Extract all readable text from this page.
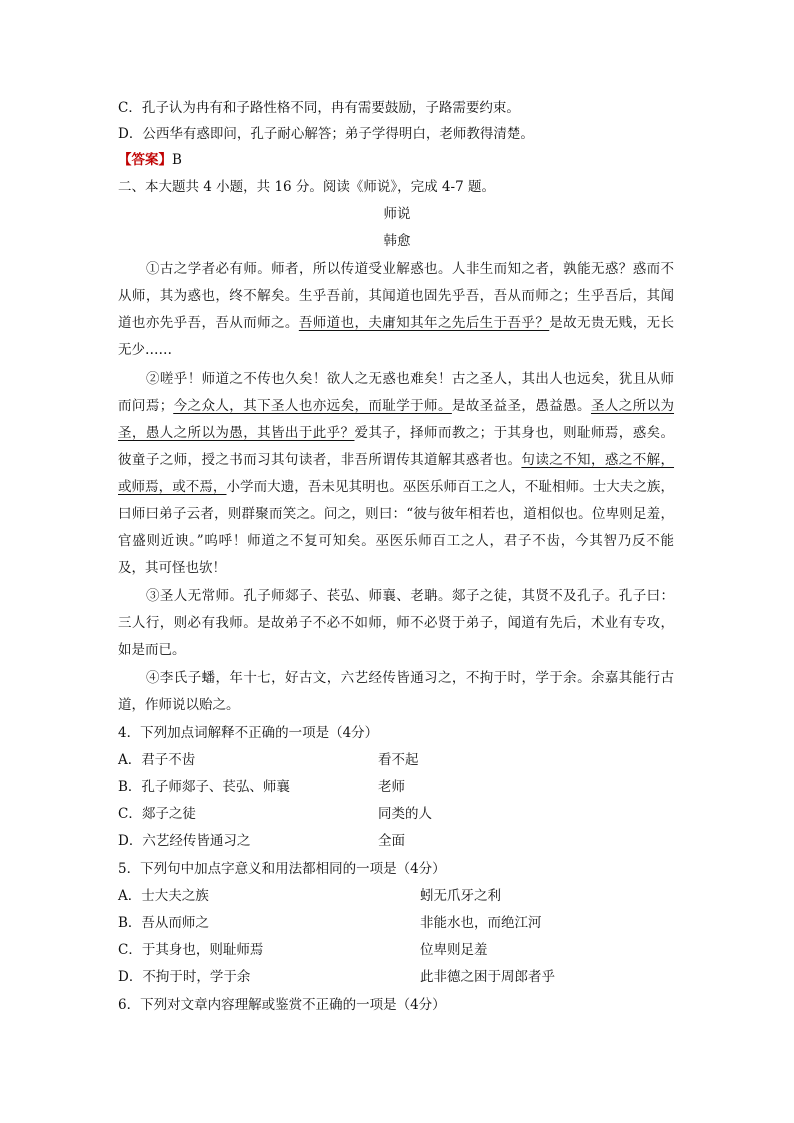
C．孔子认为冉有和子路性格不同，冉有需要鼓励，子路需要约束。
D．公西华有惑即问，孔子耐心解答；弟子学得明白，老师教得清楚。
【答案】B
二、本大题共 4 小题，共 16 分。阅读《师说》，完成 4-7 题。
师说
韩愈
①古之学者必有师。师者，所以传道受业解惑也。人非生而知之者，孰能无惑？惑而不
从师，其为惑也，终不解矣。生乎吾前，其闻道也固先乎吾，吾从而师之；生乎吾后，其闻
道也亦先乎吾，吾从而师之。吾师道也，夫庸知其年之先后生于吾乎？是故无贵无贱，无长
无少……
②嗟乎！师道之不传也久矣！欲人之无惑也难矣！古之圣人，其出人也远矣，犹且从师
而问焉；今之众人，其下圣人也亦远矣，而耻学于师。是故圣益圣，愚益愚。圣人之所以为
圣，愚人之所以为愚，其皆出于此乎？爱其子，择师而教之；于其身也，则耻师焉，惑矣。
彼童子之师，授之书而习其句读者，非吾所谓传其道解其惑者也。句读之不知，惑之不解，
或师焉，或不焉，小学而大遗，吾未见其明也。巫医乐师百工之人，不耻相师。士大夫之族，
曰师曰弟子云者，则群聚而笑之。问之，则曰：“彼与彼年相若也，道相似也。位卑则足羞，
官盛则近谀。”呜呼！师道之不复可知矣。巫医乐师百工之人，君子不齿，今其智乃反不能
及，其可怪也欤！
③圣人无常师。孔子师郯子、苌弘、师襄、老聃。郯子之徒，其贤不及孔子。孔子曰：
三人行，则必有我师。是故弟子不必不如师，师不必贤于弟子，闻道有先后，术业有专攻，
如是而已。
④李氏子蟠，年十七，好古文，六艺经传皆通习之，不拘于时，学于余。余嘉其能行古
道，作师说以贻之。
4．下列加点词解释不正确的一项是（4分）
A．君子不齿	看不起
B．孔子师郯子、苌弘、师襄	老师
C．郯子之徒	同类的人
D．六艺经传皆通习之	全面
5．下列句中加点字意义和用法都相同的一项是（4分）
A．士大夫之族	蚓无爪牙之利
B．吾从而师之	非能水也，而绝江河
C．于其身也，则耻师焉	位卑则足羞
D．不拘于时，学于余	此非德之困于周郎者乎
6．下列对文章内容理解或鉴赏不正确的一项是（4分）
